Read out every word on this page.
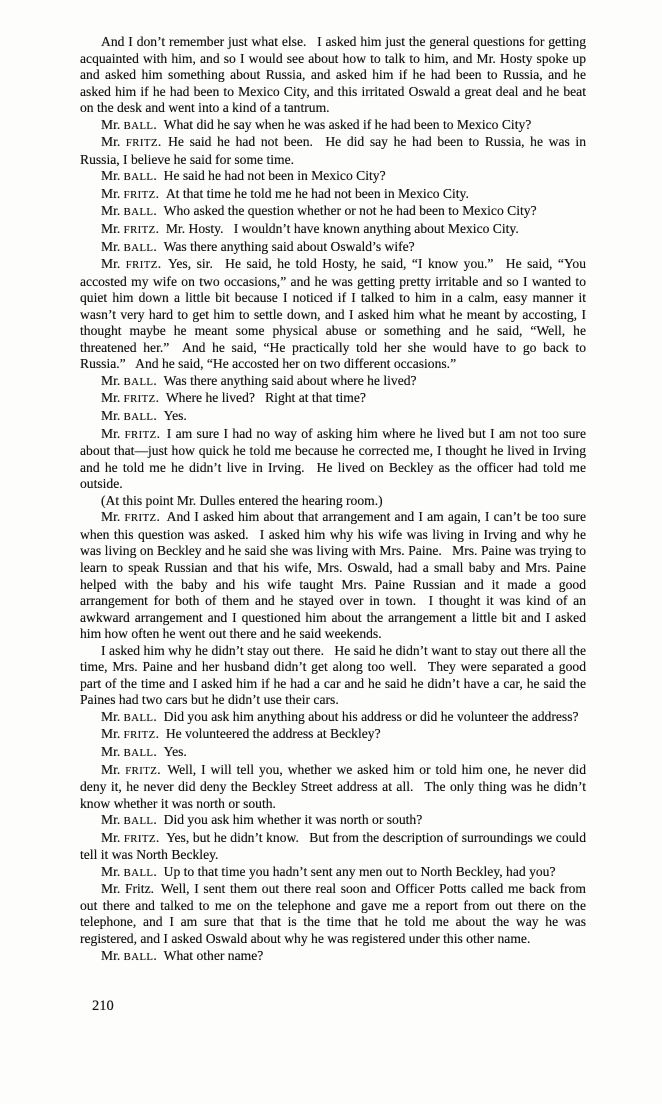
And I don’t remember just what else.  I asked him just the general questions for getting acquainted with him, and so I would see about how to talk to him, and Mr. Hosty spoke up and asked him something about Russia, and asked him if he had been to Russia, and he asked him if he had been to Mexico City, and this irritated Oswald a great deal and he beat on the desk and went into a kind of a tantrum.

Mr. BALL.  What did he say when he was asked if he had been to Mexico City?

Mr. FRITZ.  He said he had not been.  He did say he had been to Russia, he was in Russia, I believe he said for some time.

Mr. BALL.  He said he had not been in Mexico City?

Mr. FRITZ.  At that time he told me he had not been in Mexico City.

Mr. BALL.  Who asked the question whether or not he had been to Mexico City?

Mr. FRITZ.  Mr. Hosty.  I wouldn’t have known anything about Mexico City.

Mr. BALL.  Was there anything said about Oswald’s wife?

Mr. FRITZ.  Yes, sir.  He said, he told Hosty, he said, “I know you.”  He said, “You accosted my wife on two occasions,” and he was getting pretty irritable and so I wanted to quiet him down a little bit because I noticed if I talked to him in a calm, easy manner it wasn’t very hard to get him to settle down, and I asked him what he meant by accosting, I thought maybe he meant some physical abuse or something and he said, “Well, he threatened her.”  And he said, “He practically told her she would have to go back to Russia.”  And he said, “He accosted her on two different occasions.”

Mr. BALL.  Was there anything said about where he lived?

Mr. FRITZ.  Where he lived?  Right at that time?

Mr. BALL.  Yes.

Mr. FRITZ.  I am sure I had no way of asking him where he lived but I am not too sure about that—just how quick he told me because he corrected me, I thought he lived in Irving and he told me he didn’t live in Irving.  He lived on Beckley as the officer had told me outside.

(At this point Mr. Dulles entered the hearing room.)

Mr. FRITZ.  And I asked him about that arrangement and I am again, I can’t be too sure when this question was asked.  I asked him why his wife was living in Irving and why he was living on Beckley and he said she was living with Mrs. Paine.  Mrs. Paine was trying to learn to speak Russian and that his wife, Mrs. Oswald, had a small baby and Mrs. Paine helped with the baby and his wife taught Mrs. Paine Russian and it made a good arrangement for both of them and he stayed over in town.  I thought it was kind of an awkward arrangement and I questioned him about the arrangement a little bit and I asked him how often he went out there and he said weekends.

I asked him why he didn’t stay out there.  He said he didn’t want to stay out there all the time, Mrs. Paine and her husband didn’t get along too well.  They were separated a good part of the time and I asked him if he had a car and he said he didn’t have a car, he said the Paines had two cars but he didn’t use their cars.

Mr. BALL.  Did you ask him anything about his address or did he volunteer the address?

Mr. FRITZ.  He volunteered the address at Beckley?

Mr. BALL.  Yes.

Mr. FRITZ.  Well, I will tell you, whether we asked him or told him one, he never did deny it, he never did deny the Beckley Street address at all.  The only thing was he didn’t know whether it was north or south.

Mr. BALL.  Did you ask him whether it was north or south?

Mr. FRITZ.  Yes, but he didn’t know.  But from the description of surroundings we could tell it was North Beckley.

Mr. BALL.  Up to that time you hadn’t sent any men out to North Beckley, had you?

Mr. Fritz.  Well, I sent them out there real soon and Officer Potts called me back from out there and talked to me on the telephone and gave me a report from out there on the telephone, and I am sure that that is the time that he told me about the way he was registered, and I asked Oswald about why he was registered under this other name.

Mr. BALL.  What other name?

210
